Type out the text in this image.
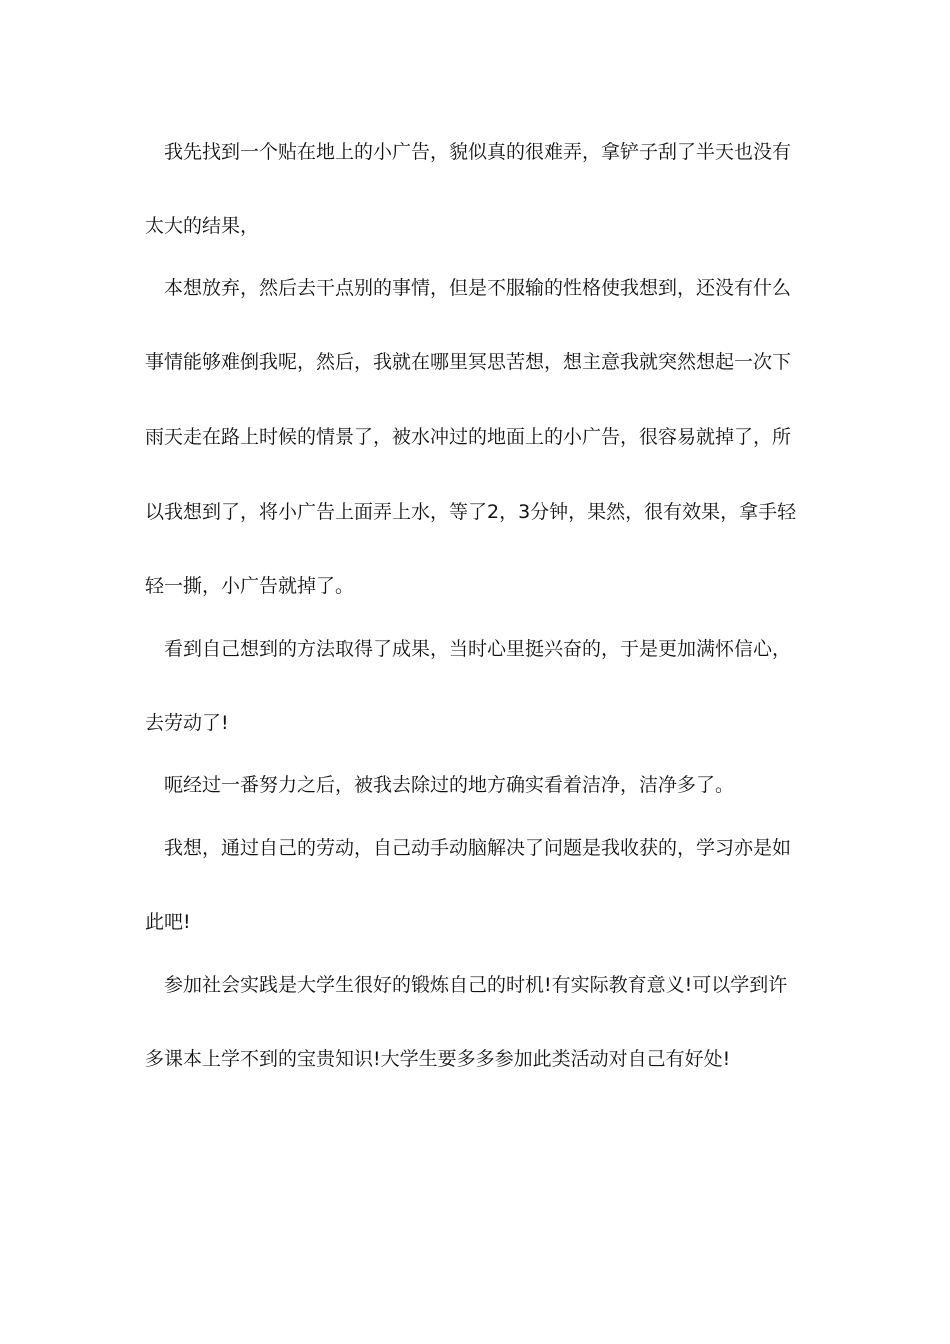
我先找到一个贴在地上的小广告，貌似真的很难弄，拿铲子刮了半天也没有
太大的结果，
本想放弃，然后去干点别的事情，但是不服输的性格使我想到，还没有什么
事情能够难倒我呢，然后，我就在哪里冥思苦想，想主意我就突然想起一次下
雨天走在路上时候的情景了，被水冲过的地面上的小广告，很容易就掉了，所
以我想到了，将小广告上面弄上水，等了2，3分钟，果然，很有效果，拿手轻
轻一撕，小广告就掉了。
看到自己想到的方法取得了成果，当时心里挺兴奋的，于是更加满怀信心，
去劳动了!
呃经过一番努力之后，被我去除过的地方确实看着洁净，洁净多了。
我想，通过自己的劳动，自己动手动脑解决了问题是我收获的，学习亦是如
此吧!
参加社会实践是大学生很好的锻炼自己的时机!有实际教育意义!可以学到许
多课本上学不到的宝贵知识!大学生要多多参加此类活动对自己有好处!
